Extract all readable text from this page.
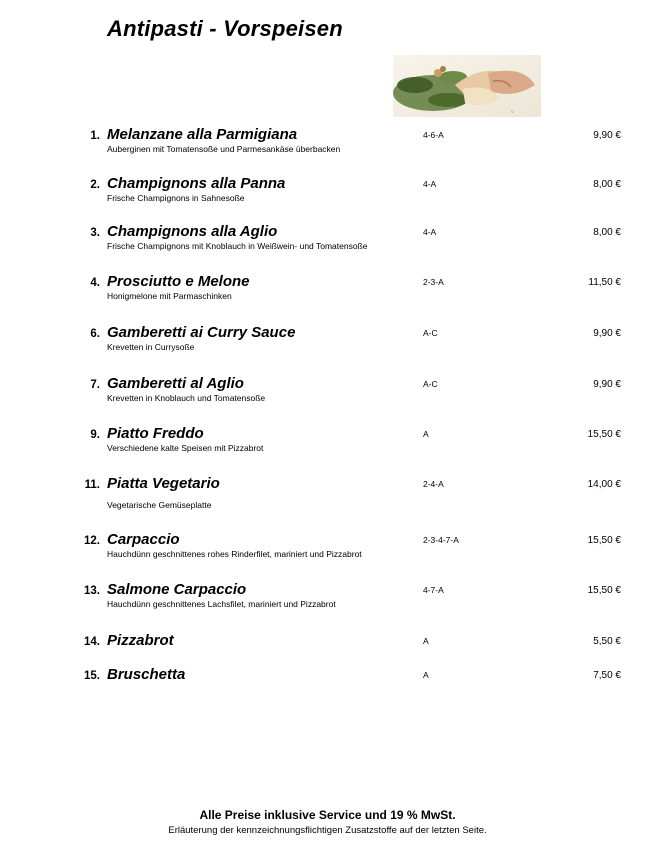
Antipasti - Vorspeisen
©
1. Melanzane alla Parmigiana
Auberginen mit Tomatensoße und Parmesankäse überbacken
4-6-A	9,90 €
2. Champignons alla Panna
Frische Champignons in Sahnesoße
4-A	8,00 €
3. Champignons alla Aglio
Frische Champignons mit Knoblauch in Weißwein- und Tomatensoße
4-A	8,00 €
4. Prosciutto e Melone
Honigmelone mit Parmaschinken
2-3-A	11,50 €
6. Gamberetti ai Curry Sauce
Krevetten in Currysoße
A-C	9,90 €
7. Gamberetti al Aglio
Krevetten in Knoblauch und Tomatensoße
A-C	9,90 €
9. Piatto Freddo
Verschiedene kalte Speisen mit Pizzabrot
A	15,50 €
11. Piatta Vegetario
Vegetarische Gemüseplatte
2-4-A	14,00 €
12. Carpaccio
Hauchdünn geschnittenes rohes Rinderfilet, mariniert und Pizzabrot
2-3-4-7-A	15,50 €
13. Salmone Carpaccio
Hauchdünn geschnittenes Lachsfilet, mariniert und Pizzabrot
4-7-A	15,50 €
14. Pizzabrot	A	5,50 €
15. Bruschetta	A	7,50 €
Alle Preise inklusive Service und 19 % MwSt.
Erläuterung der kennzeichnungsflichtigen Zusatzstoffe auf der letzten Seite.
